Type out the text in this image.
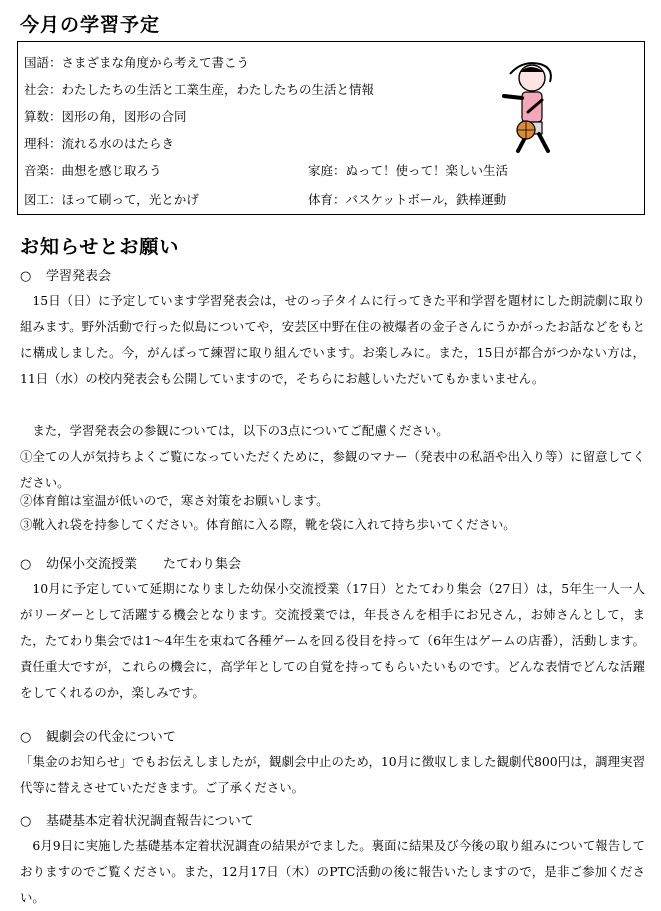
今月の学習予定
国語：さまざまな角度から考えて書こう
社会：わたしたちの生活と工業生産，わたしたちの生活と情報
算数：図形の角，図形の合同
理科：流れる水のはたらき
音楽：曲想を感じ取ろう
図工：ほって刷って，光とかげ
家庭：ぬって！使って！楽しい生活
体育：バスケットボール，鉄棒運動
お知らせとお願い
○ 学習発表会
15日（日）に予定しています学習発表会は，せのっ子タイムに行ってきた平和学習を題材にした朗読劇に取り組みます。野外活動で行った似島についてや，安芸区中野在住の被爆者の金子さんにうかがったお話などをもとに構成しました。今，がんばって練習に取り組んでいます。お楽しみに。また，15日が都合がつかない方は，11日（水）の校内発表会も公開していますので，そちらにお越しいただいてもかまいません。
また，学習発表会の参観については，以下の3点についてご配慮ください。
①全ての人が気持ちよくご覧になっていただくために，参観のマナー（発表中の私語や出入り等）に留意してください。
②体育館は室温が低いので，寒さ対策をお願いします。
③靴入れ袋を持参してください。体育館に入る際，靴を袋に入れて持ち歩いてください。
○ 幼保小交流授業　　たてわり集会
10月に予定していて延期になりました幼保小交流授業（17日）とたてわり集会（27日）は，5年生一人一人がリーダーとして活躍する機会となります。交流授業では，年長さんを相手にお兄さん，お姉さんとして，また，たてわり集会では1～4年生を束ねて各種ゲームを回る役目を持って（6年生はゲームの店番），活動します。責任重大ですが，これらの機会に，高学年としての自覚を持ってもらいたいものです。どんな表情でどんな活躍をしてくれるのか，楽しみです。
○ 観劇会の代金について
「集金のお知らせ」でもお伝えしましたが，観劇会中止のため，10月に徴収しました観劇代800円は，調理実習代等に替えさせていただきます。ご了承ください。
○ 基礎基本定着状況調査報告について
6月9日に実施した基礎基本定着状況調査の結果がでました。裏面に結果及び今後の取り組みについて報告しておりますのでご覧ください。また，12月17日（木）のPTC活動の後に報告いたしますので，是非ご参加ください。
